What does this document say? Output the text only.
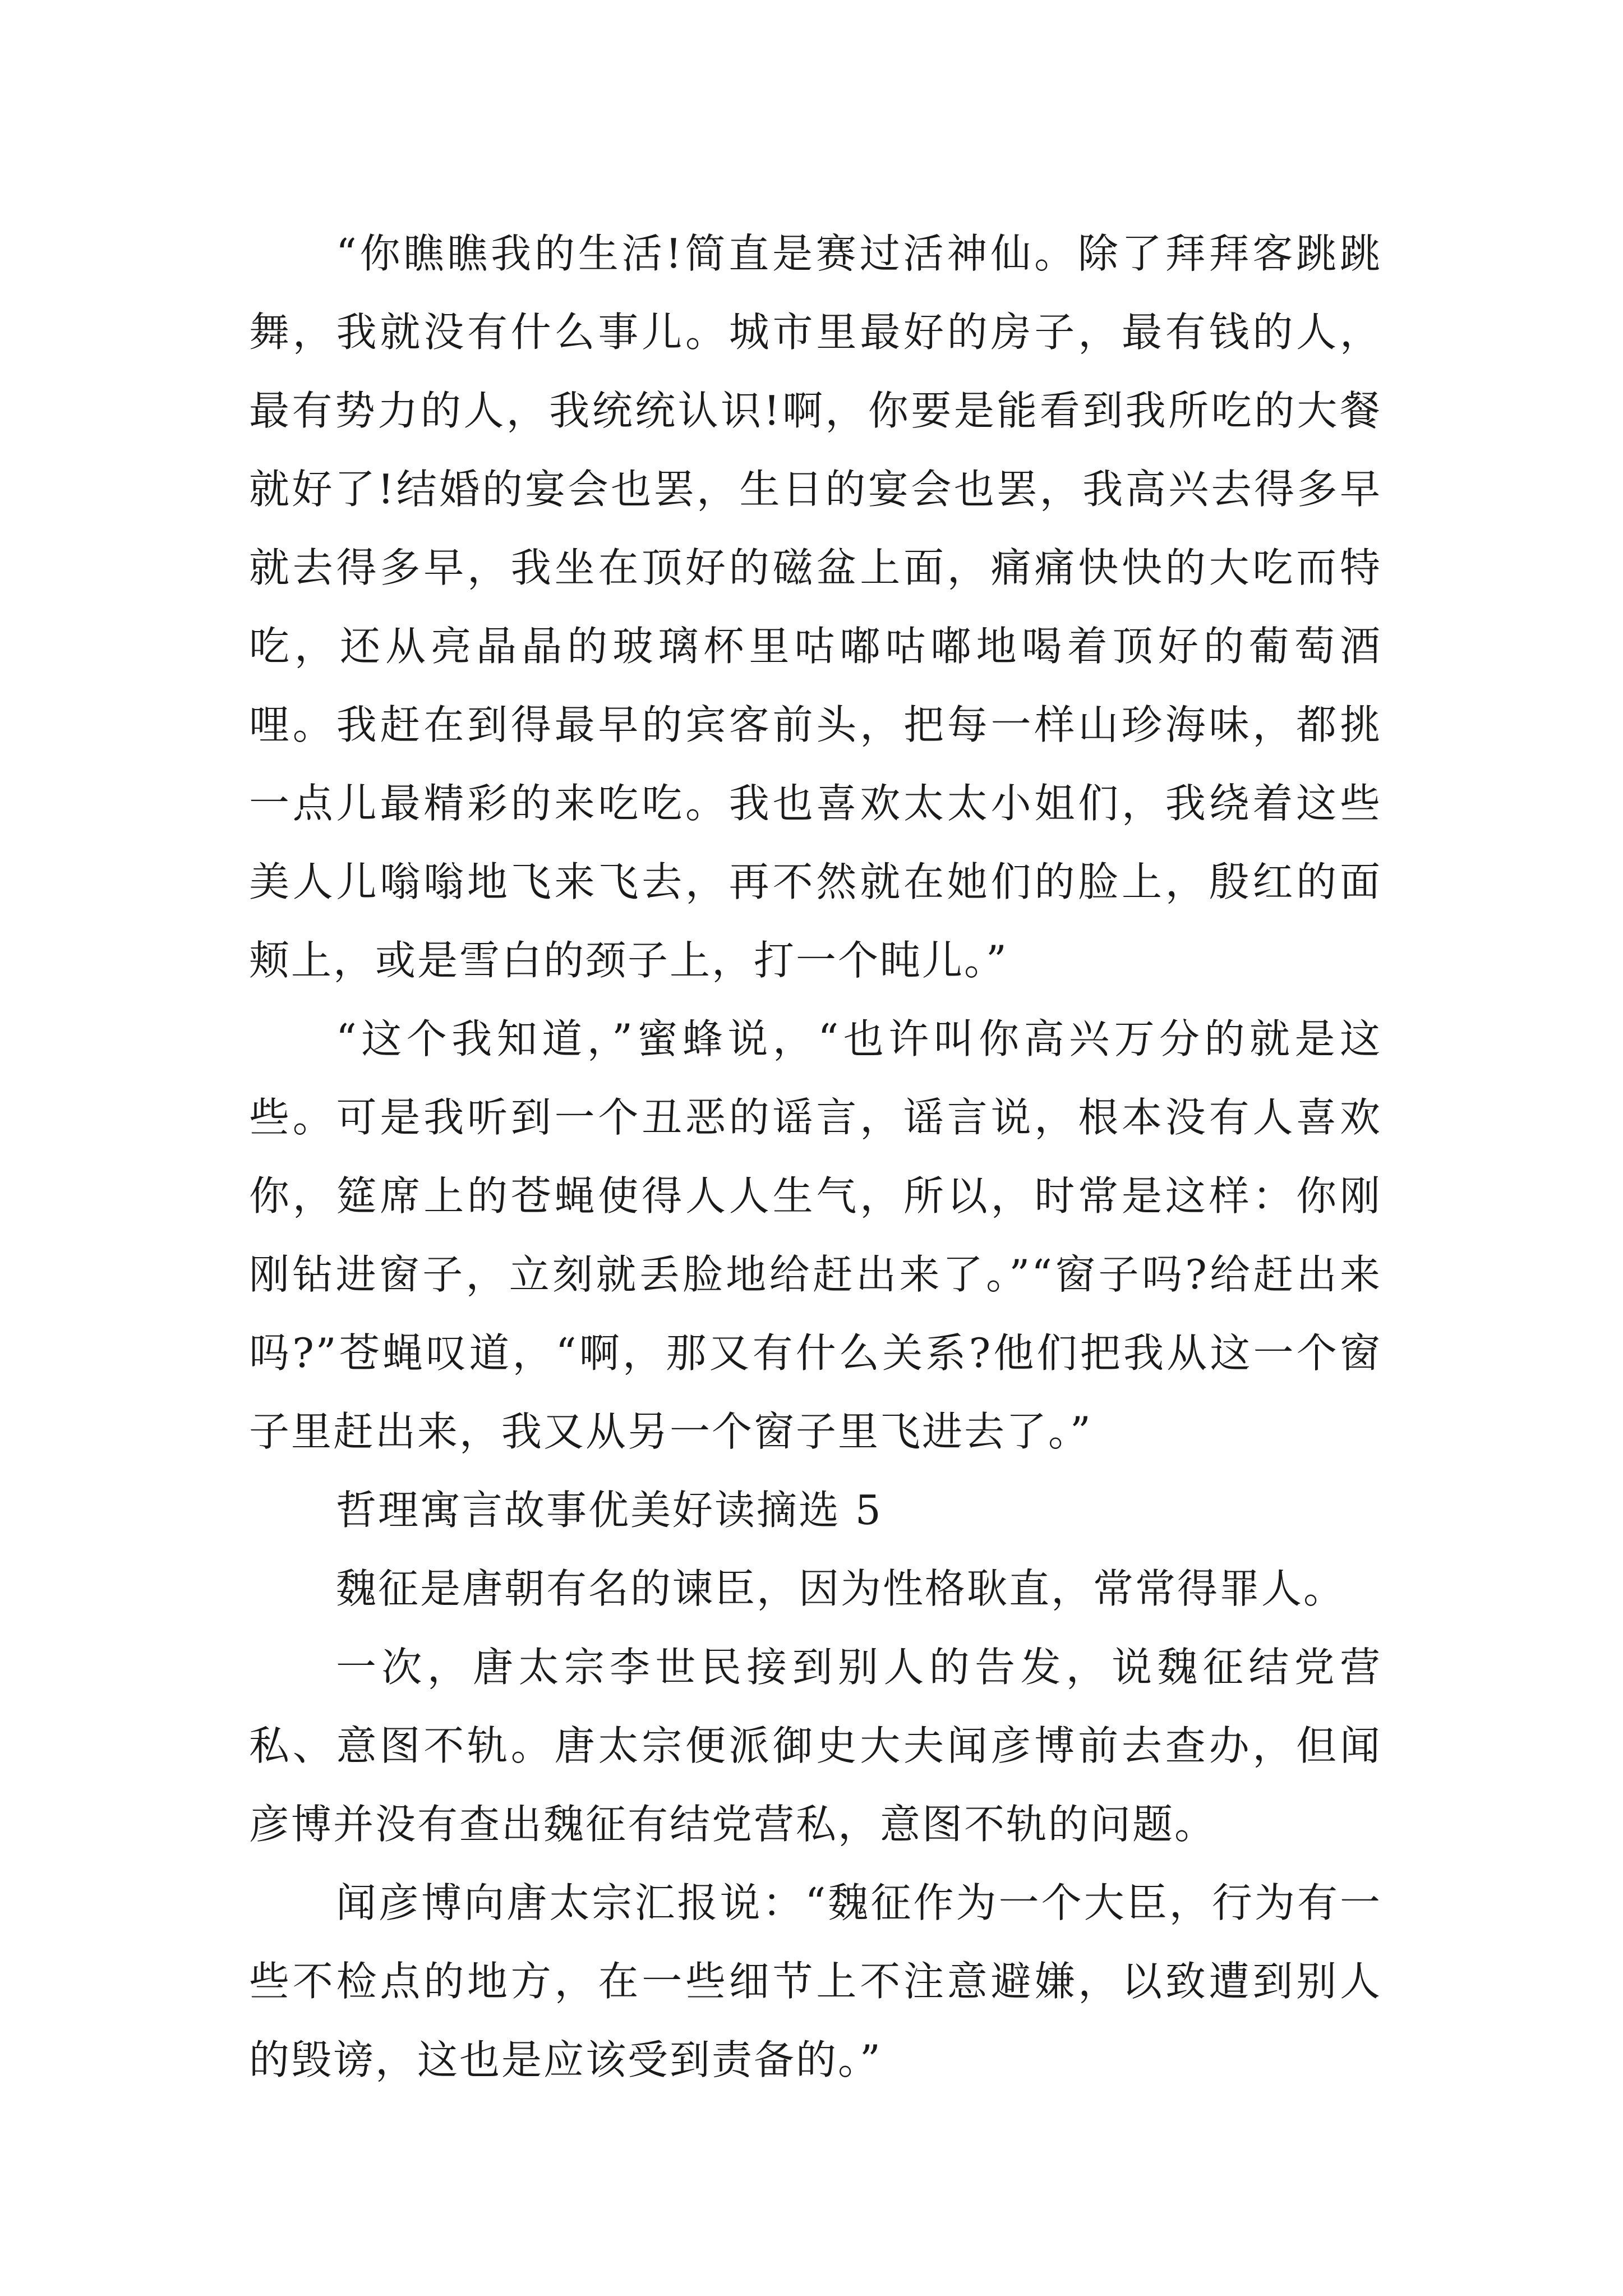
“你瞧瞧我的生活!简直是赛过活神仙。除了拜拜客跳跳舞，我就没有什么事儿。城市里最好的房子，最有钱的人，最有势力的人，我统统认识!啊，你要是能看到我所吃的大餐就好了!结婚的宴会也罢，生日的宴会也罢，我高兴去得多早就去得多早，我坐在顶好的磁盆上面，痛痛快快的大吃而特吃，还从亮晶晶的玻璃杯里咕嘟咕嘟地喝着顶好的葡萄酒哩。我赶在到得最早的宾客前头，把每一样山珍海味，都挑一点儿最精彩的来吃吃。我也喜欢太太小姐们，我绕着这些美人儿嗡嗡地飞来飞去，再不然就在她们的脸上，殷红的面颊上，或是雪白的颈子上，打一个盹儿。”

“这个我知道，”蜜蜂说，“也许叫你高兴万分的就是这些。可是我听到一个丑恶的谣言，谣言说，根本没有人喜欢你，筵席上的苍蝇使得人人生气，所以，时常是这样：你刚刚钻进窗子，立刻就丢脸地给赶出来了。”“窗子吗?给赶出来吗?”苍蝇叹道，“啊，那又有什么关系?他们把我从这一个窗子里赶出来，我又从另一个窗子里飞进去了。”

哲理寓言故事优美好读摘选 5

魏征是唐朝有名的谏臣，因为性格耿直，常常得罪人。

一次，唐太宗李世民接到别人的告发，说魏征结党营私、意图不轨。唐太宗便派御史大夫闻彦博前去查办，但闻彦博并没有查出魏征有结党营私，意图不轨的问题。

闻彦博向唐太宗汇报说：“魏征作为一个大臣，行为有一些不检点的地方，在一些细节上不注意避嫌，以致遭到别人的毁谤，这也是应该受到责备的。”
